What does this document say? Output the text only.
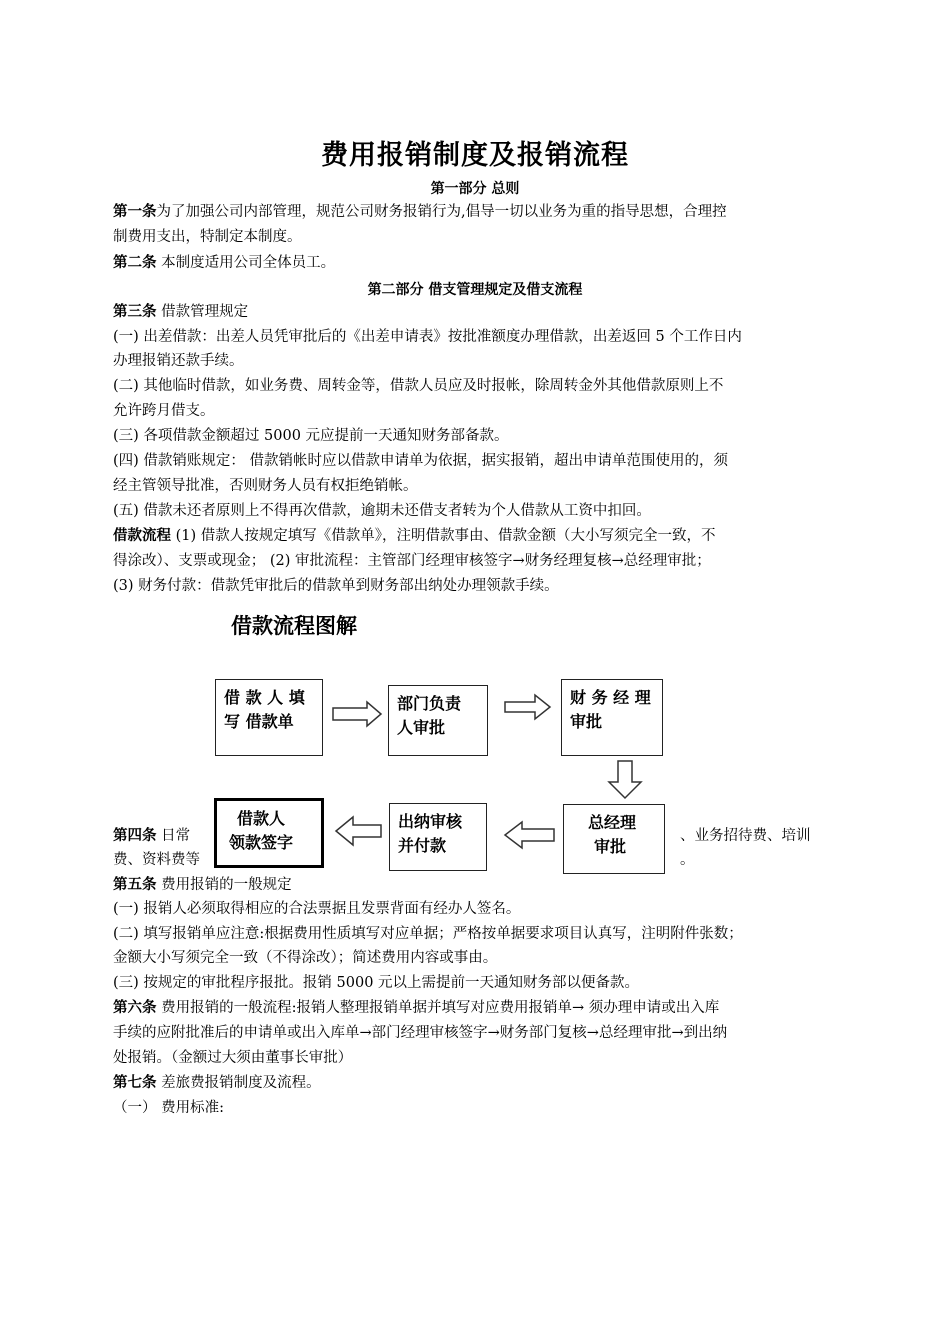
费用报销制度及报销流程
第一部分 总则
第一条为了加强公司内部管理，规范公司财务报销行为,倡导一切以业务为重的指导思想，合理控
制费用支出，特制定本制度。
第二条 本制度适用公司全体员工。
第二部分 借支管理规定及借支流程
第三条 借款管理规定
(一) 出差借款：出差人员凭审批后的《出差申请表》按批准额度办理借款，出差返回 5 个工作日内
办理报销还款手续。
(二) 其他临时借款，如业务费、周转金等，借款人员应及时报帐，除周转金外其他借款原则上不
允许跨月借支。
(三) 各项借款金额超过 5000 元应提前一天通知财务部备款。
(四) 借款销账规定： 借款销帐时应以借款申请单为依据，据实报销，超出申请单范围使用的，须
经主管领导批准，否则财务人员有权拒绝销帐。
(五) 借款未还者原则上不得再次借款，逾期未还借支者转为个人借款从工资中扣回。
借款流程 (1) 借款人按规定填写《借款单》，注明借款事由、借款金额（大小写须完全一致，不
得涂改）、支票或现金； (2) 审批流程：主管部门经理审核签字→财务经理复核→总经理审批；
(3) 财务付款：借款凭审批后的借款单到财务部出纳处办理领款手续。
借款流程图解
第四条 日常	、业务招待费、培训
费、资料费等	。
借 款 人 填
写 借款单
部门负责
人审批
财 务 经 理
审批
总经理
审批
出纳审核
并付款
借款人
领款签字
第五条 费用报销的一般规定
(一) 报销人必须取得相应的合法票据且发票背面有经办人签名。
(二) 填写报销单应注意:根据费用性质填写对应单据；严格按单据要求项目认真写，注明附件张数；
金额大小写须完全一致（不得涂改）；简述费用内容或事由。
(三) 按规定的审批程序报批。报销 5000 元以上需提前一天通知财务部以便备款。
第六条 费用报销的一般流程:报销人整理报销单据并填写对应费用报销单→ 须办理申请或出入库
手续的应附批准后的申请单或出入库单→部门经理审核签字→财务部门复核→总经理审批→到出纳
处报销。（金额过大须由董事长审批）
第七条 差旅费报销制度及流程。
（一） 费用标准:
